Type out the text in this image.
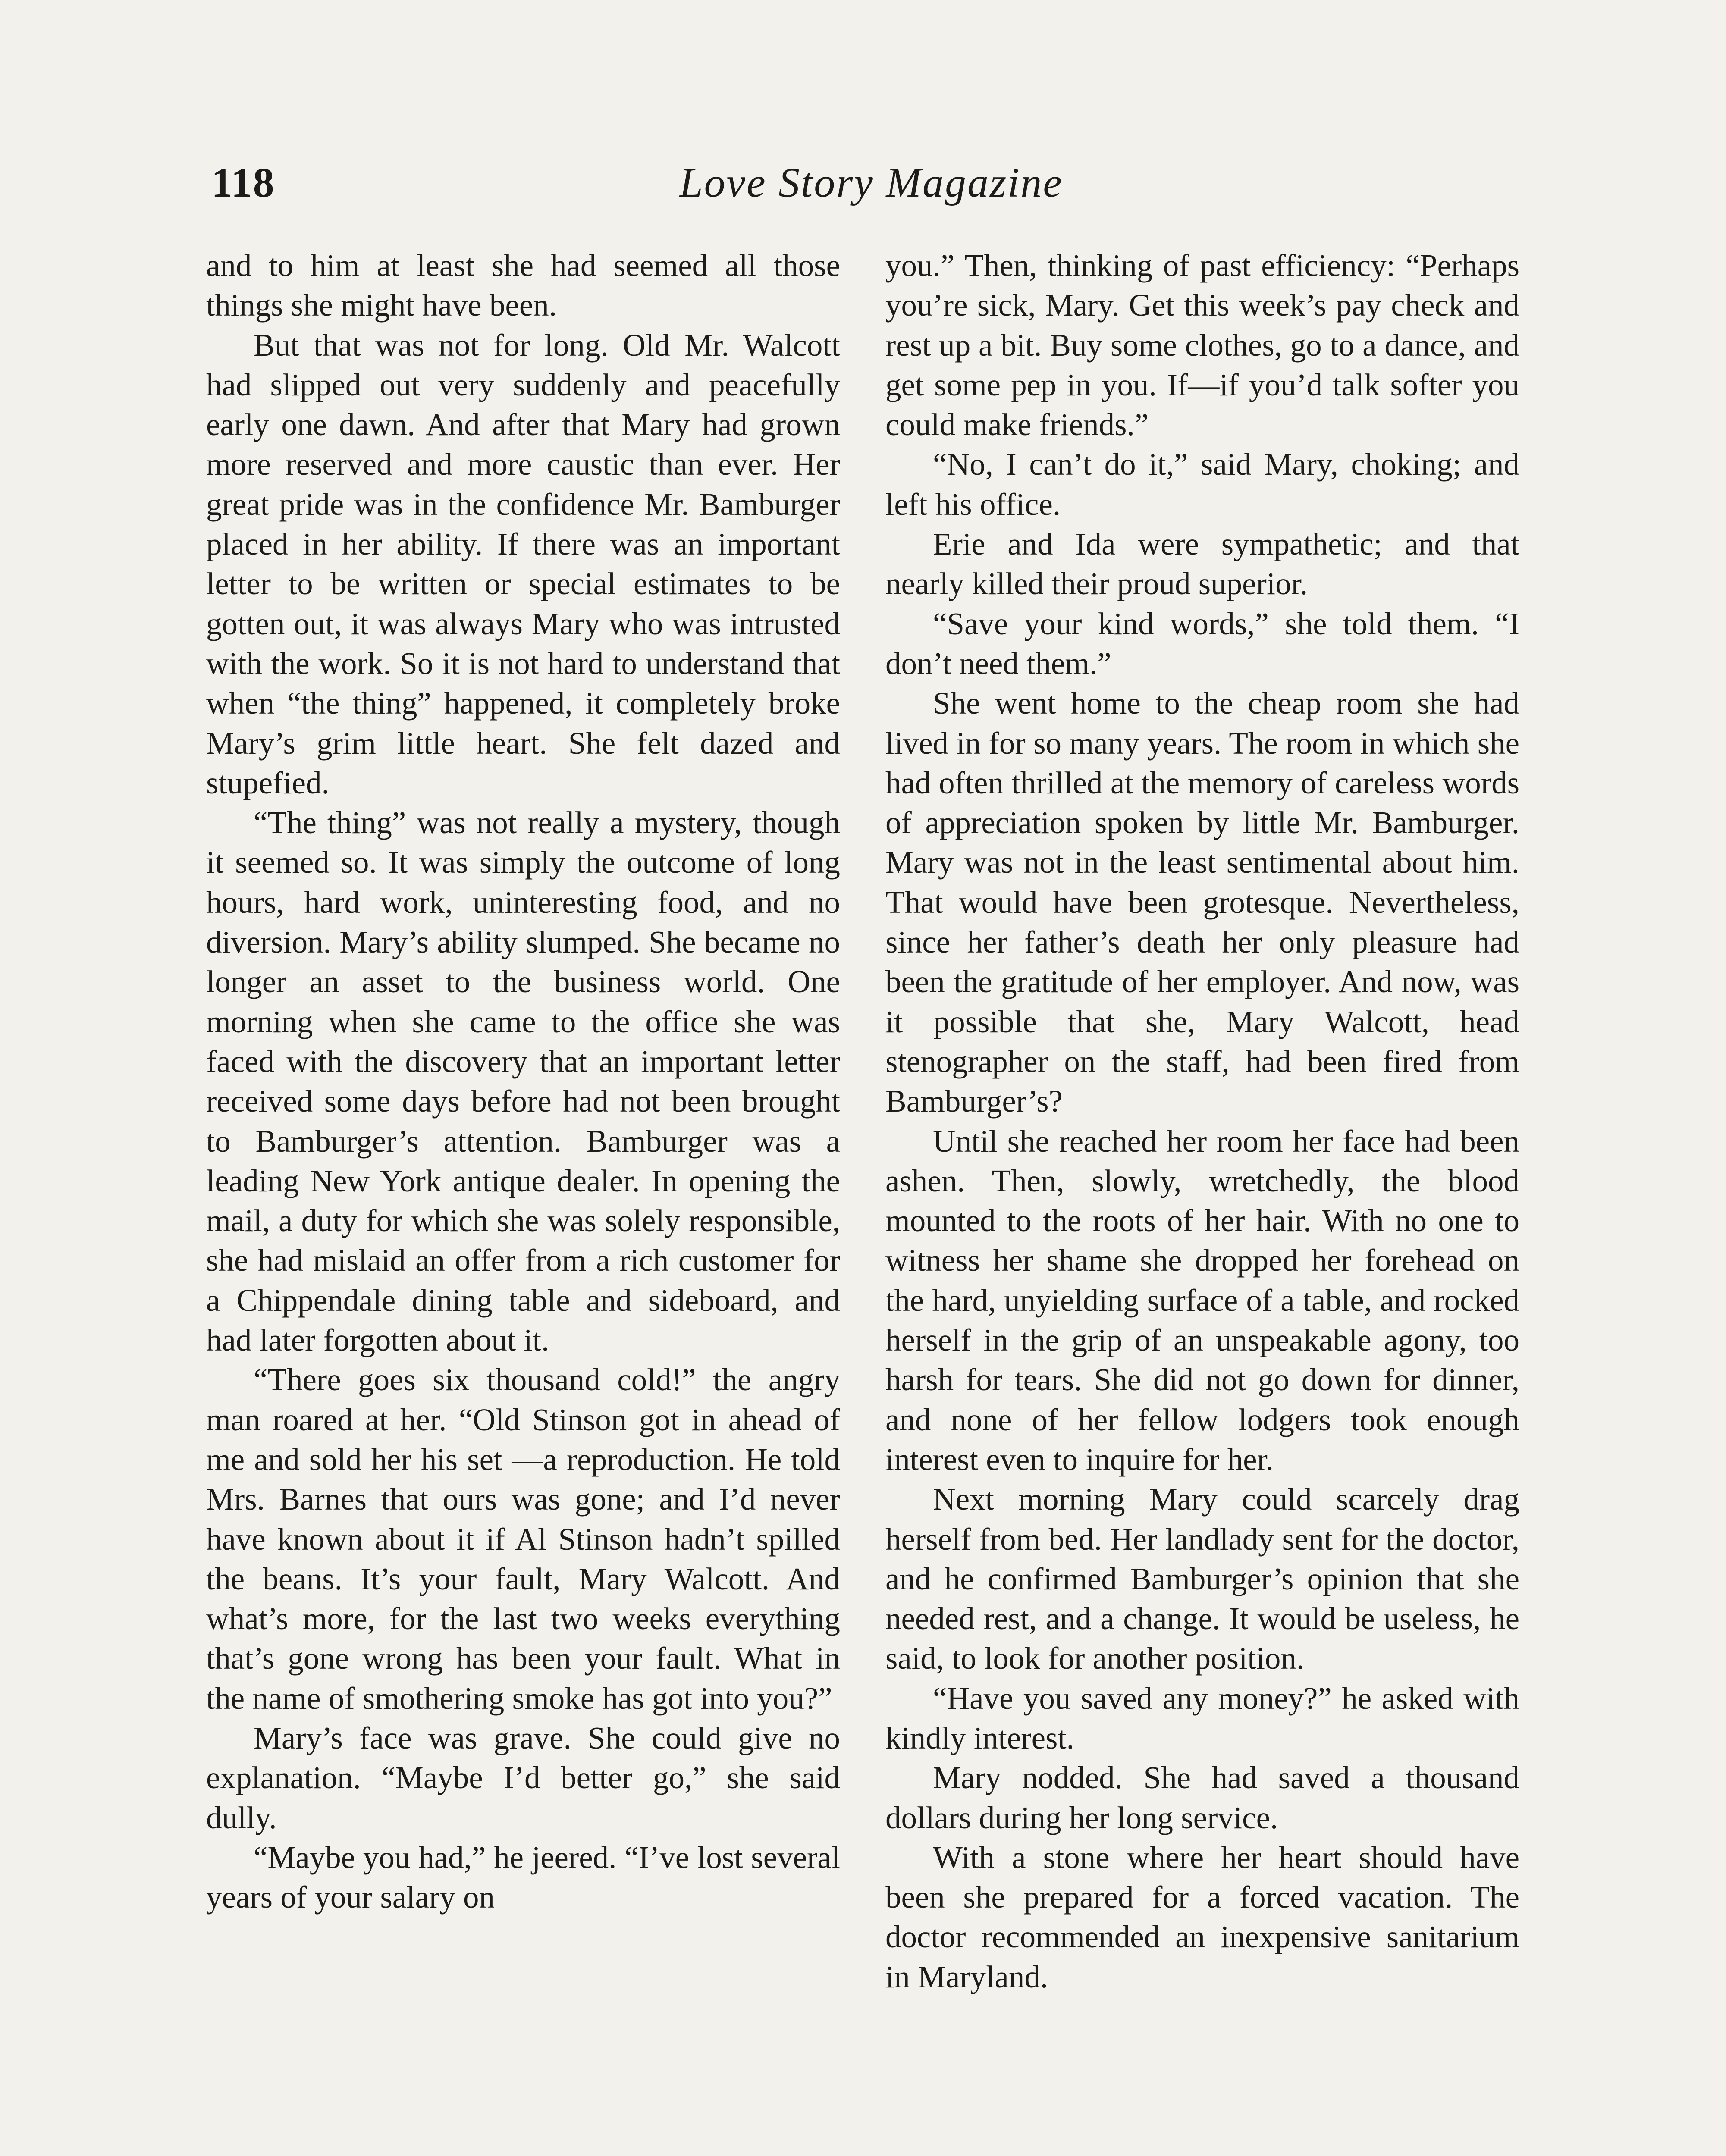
118	Love Story Magazine

and to him at least she had seemed all those things she might have been.

But that was not for long. Old Mr. Walcott had slipped out very suddenly and peacefully early one dawn. And after that Mary had grown more reserved and more caustic than ever. Her great pride was in the confidence Mr. Bamburger placed in her ability. If there was an important letter to be written or special estimates to be gotten out, it was always Mary who was intrusted with the work. So it is not hard to understand that when “the thing” happened, it completely broke Mary’s grim little heart. She felt dazed and stupefied.

“The thing” was not really a mystery, though it seemed so. It was simply the outcome of long hours, hard work, uninteresting food, and no diversion. Mary’s ability slumped. She became no longer an asset to the business world. One morning when she came to the office she was faced with the discovery that an important letter received some days before had not been brought to Bamburger’s attention. Bamburger was a leading New York antique dealer. In opening the mail, a duty for which she was solely responsible, she had mislaid an offer from a rich customer for a Chippendale dining table and sideboard, and had later forgotten about it.

“There goes six thousand cold!” the angry man roared at her. “Old Stinson got in ahead of me and sold her his set —a reproduction. He told Mrs. Barnes that ours was gone; and I’d never have known about it if Al Stinson hadn’t spilled the beans. It’s your fault, Mary Walcott. And what’s more, for the last two weeks everything that’s gone wrong has been your fault. What in the name of smothering smoke has got into you?”

Mary’s face was grave. She could give no explanation. “Maybe I’d better go,” she said dully.

“Maybe you had,” he jeered. “I’ve lost several years of your salary on

you.” Then, thinking of past efficiency: “Perhaps you’re sick, Mary. Get this week’s pay check and rest up a bit. Buy some clothes, go to a dance, and get some pep in you. If—if you’d talk softer you could make friends.”

“No, I can’t do it,” said Mary, choking; and left his office.

Erie and Ida were sympathetic; and that nearly killed their proud superior.

“Save your kind words,” she told them. “I don’t need them.”

She went home to the cheap room she had lived in for so many years. The room in which she had often thrilled at the memory of careless words of appreciation spoken by little Mr. Bamburger. Mary was not in the least sentimental about him. That would have been grotesque. Nevertheless, since her father’s death her only pleasure had been the gratitude of her employer. And now, was it possible that she, Mary Walcott, head stenographer on the staff, had been fired from Bamburger’s?

Until she reached her room her face had been ashen. Then, slowly, wretchedly, the blood mounted to the roots of her hair. With no one to witness her shame she dropped her forehead on the hard, unyielding surface of a table, and rocked herself in the grip of an unspeakable agony, too harsh for tears. She did not go down for dinner, and none of her fellow lodgers took enough interest even to inquire for her.

Next morning Mary could scarcely drag herself from bed. Her landlady sent for the doctor, and he confirmed Bamburger’s opinion that she needed rest, and a change. It would be useless, he said, to look for another position.

“Have you saved any money?” he asked with kindly interest.

Mary nodded. She had saved a thousand dollars during her long service.

With a stone where her heart should have been she prepared for a forced vacation. The doctor recommended an inexpensive sanitarium in Maryland.
